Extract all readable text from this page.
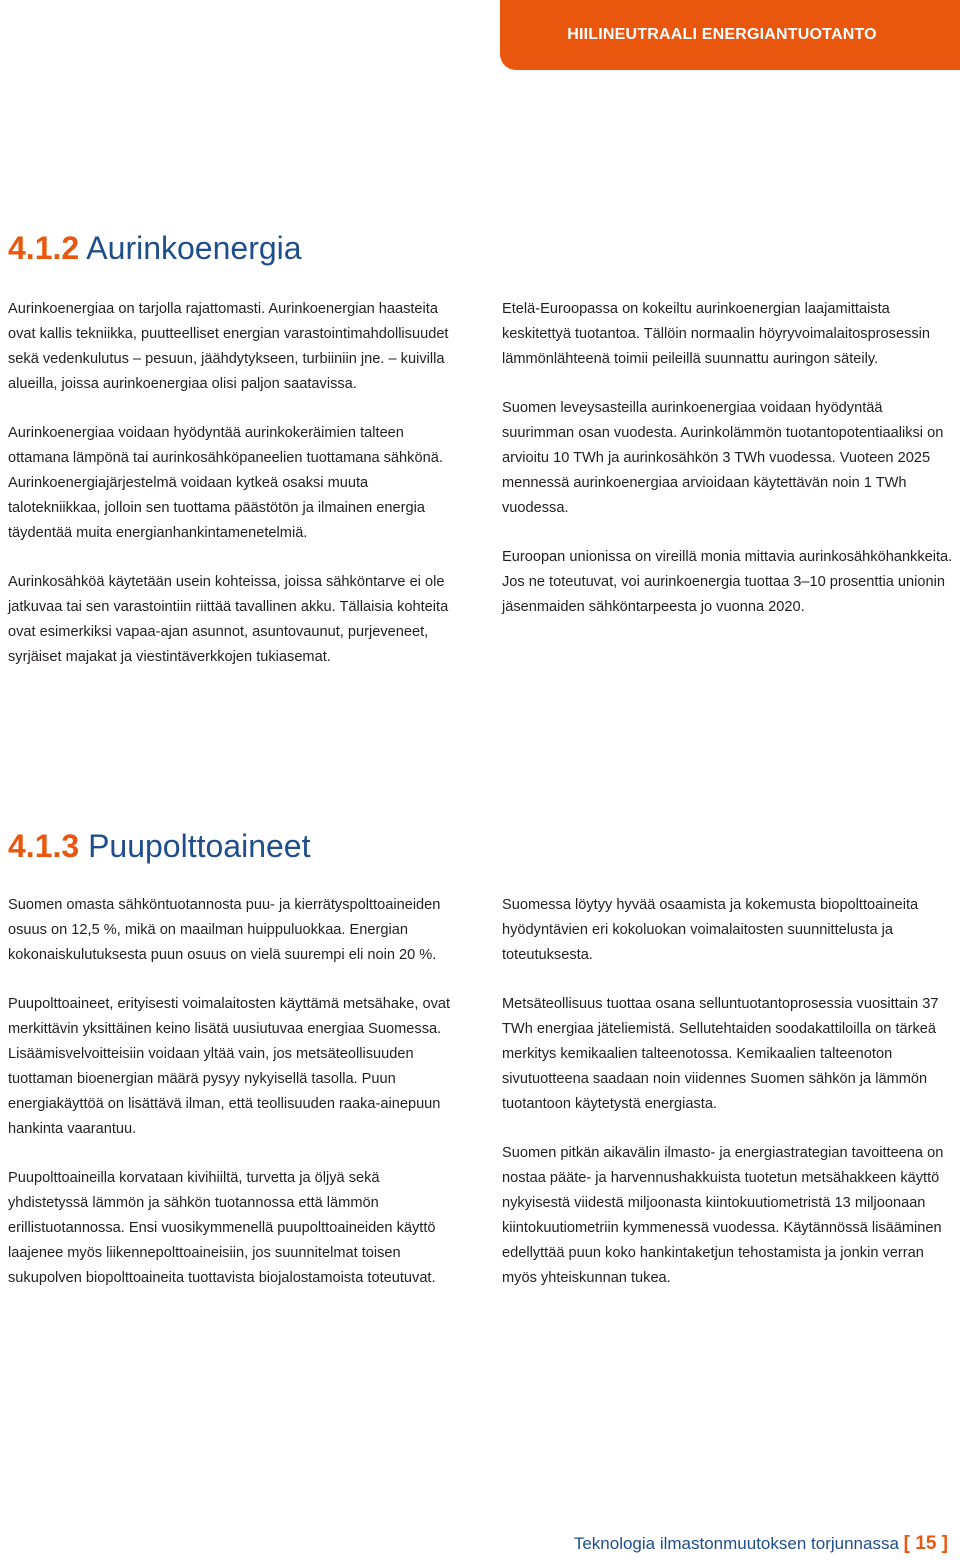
HIILINEUTRAALI ENERGIANTUOTANTO
4.1.2 Aurinkoenergia

Aurinkoenergiaa on tarjolla rajattomasti. Aurinkoenergian haasteita ovat kallis tekniikka, puutteelliset energian varastointimahdollisuudet sekä vedenkulutus – pesuun, jäähdytykseen, turbiiniin jne. – kuivilla alueilla, joissa aurinkoenergiaa olisi paljon saatavissa.

Aurinkoenergiaa voidaan hyödyntää aurinkokeräimien talteen ottamana lämpönä tai aurinkosähköpaneelien tuottamana sähkönä. Aurinkoenergiajärjestelmä voidaan kytkeä osaksi muuta talotekniikkaa, jolloin sen tuottama päästötön ja ilmainen energia täydentää muita energianhankintamenetelmiä.

Aurinkosähköä käytetään usein kohteissa, joissa sähköntarve ei ole jatkuvaa tai sen varastointiin riittää tavallinen akku. Tällaisia kohteita ovat esimerkiksi vapaa-ajan asunnot, asuntovaunut, purjeveneet, syrjäiset majakat ja viestintäverkkojen tukiasemat.

Etelä-Euroopassa on kokeiltu aurinkoenergian laajamittaista keskitettyä tuotantoa. Tällöin normaalin höyryvoimalaitosprosessin lämmönlähteenä toimii peileillä suunnattu auringon säteily.

Suomen leveysasteilla aurinkoenergiaa voidaan hyödyntää suurimman osan vuodesta. Aurinkolämmön tuotantopotentiaaliksi on arvioitu 10 TWh ja aurinkosähkön 3 TWh vuodessa. Vuoteen 2025 mennessä aurinkoenergiaa arvioidaan käytettävän noin 1 TWh vuodessa.

Euroopan unionissa on vireillä monia mittavia aurinkosähköhankkeita. Jos ne toteutuvat, voi aurinkoenergia tuottaa 3–10 prosenttia unionin jäsenmaiden sähköntarpeesta jo vuonna 2020.

4.1.3 Puupolttoaineet

Suomen omasta sähköntuotannosta puu- ja kierrätyspolttoaineiden osuus on 12,5 %, mikä on maailman huippuluokkaa. Energian kokonaiskulutuksesta puun osuus on vielä suurempi eli noin 20 %.

Puupolttoaineet, erityisesti voimalaitosten käyttämä metsähake, ovat merkittävin yksittäinen keino lisätä uusiutuvaa energiaa Suomessa. Lisäämisvelvoitteisiin voidaan yltää vain, jos metsäteollisuuden tuottaman bioenergian määrä pysyy nykyisellä tasolla. Puun energiakäyttöä on lisättävä ilman, että teollisuuden raaka-ainepuun hankinta vaarantuu.

Puupolttoaineilla korvataan kivihiiltä, turvetta ja öljyä sekä yhdistetyssä lämmön ja sähkön tuotannossa että lämmön erillistuotannossa. Ensi vuosikymmenellä puupolttoaineiden käyttö laajenee myös liikennepolttoaineisiin, jos suunnitelmat toisen sukupolven biopolttoaineita tuottavista biojalostamoista toteutuvat.

Suomessa löytyy hyvää osaamista ja kokemusta biopolttoaineita hyödyntävien eri kokoluokan voimalaitosten suunnittelusta ja toteutuksesta.

Metsäteollisuus tuottaa osana selluntuotantoprosessia vuosittain 37 TWh energiaa jäteliemistä. Sellutehtaiden soodakattiloilla on tärkeä merkitys kemikaalien talteenotossa. Kemikaalien talteenoton sivutuotteena saadaan noin viidennes Suomen sähkön ja lämmön tuotantoon käytetystä energiasta.

Suomen pitkän aikavälin ilmasto- ja energiastrategian tavoitteena on nostaa pääte- ja harvennushakkuista tuotetun metsähakkeen käyttö nykyisestä viidestä miljoonasta kiintokuutiometristä 13 miljoonaan kiintokuutiometriin kymmenessä vuodessa. Käytännössä lisääminen edellyttää puun koko hankintaketjun tehostamista ja jonkin verran myös yhteiskunnan tukea.

Teknologia ilmastonmuutoksen torjunnassa [ 15 ]
